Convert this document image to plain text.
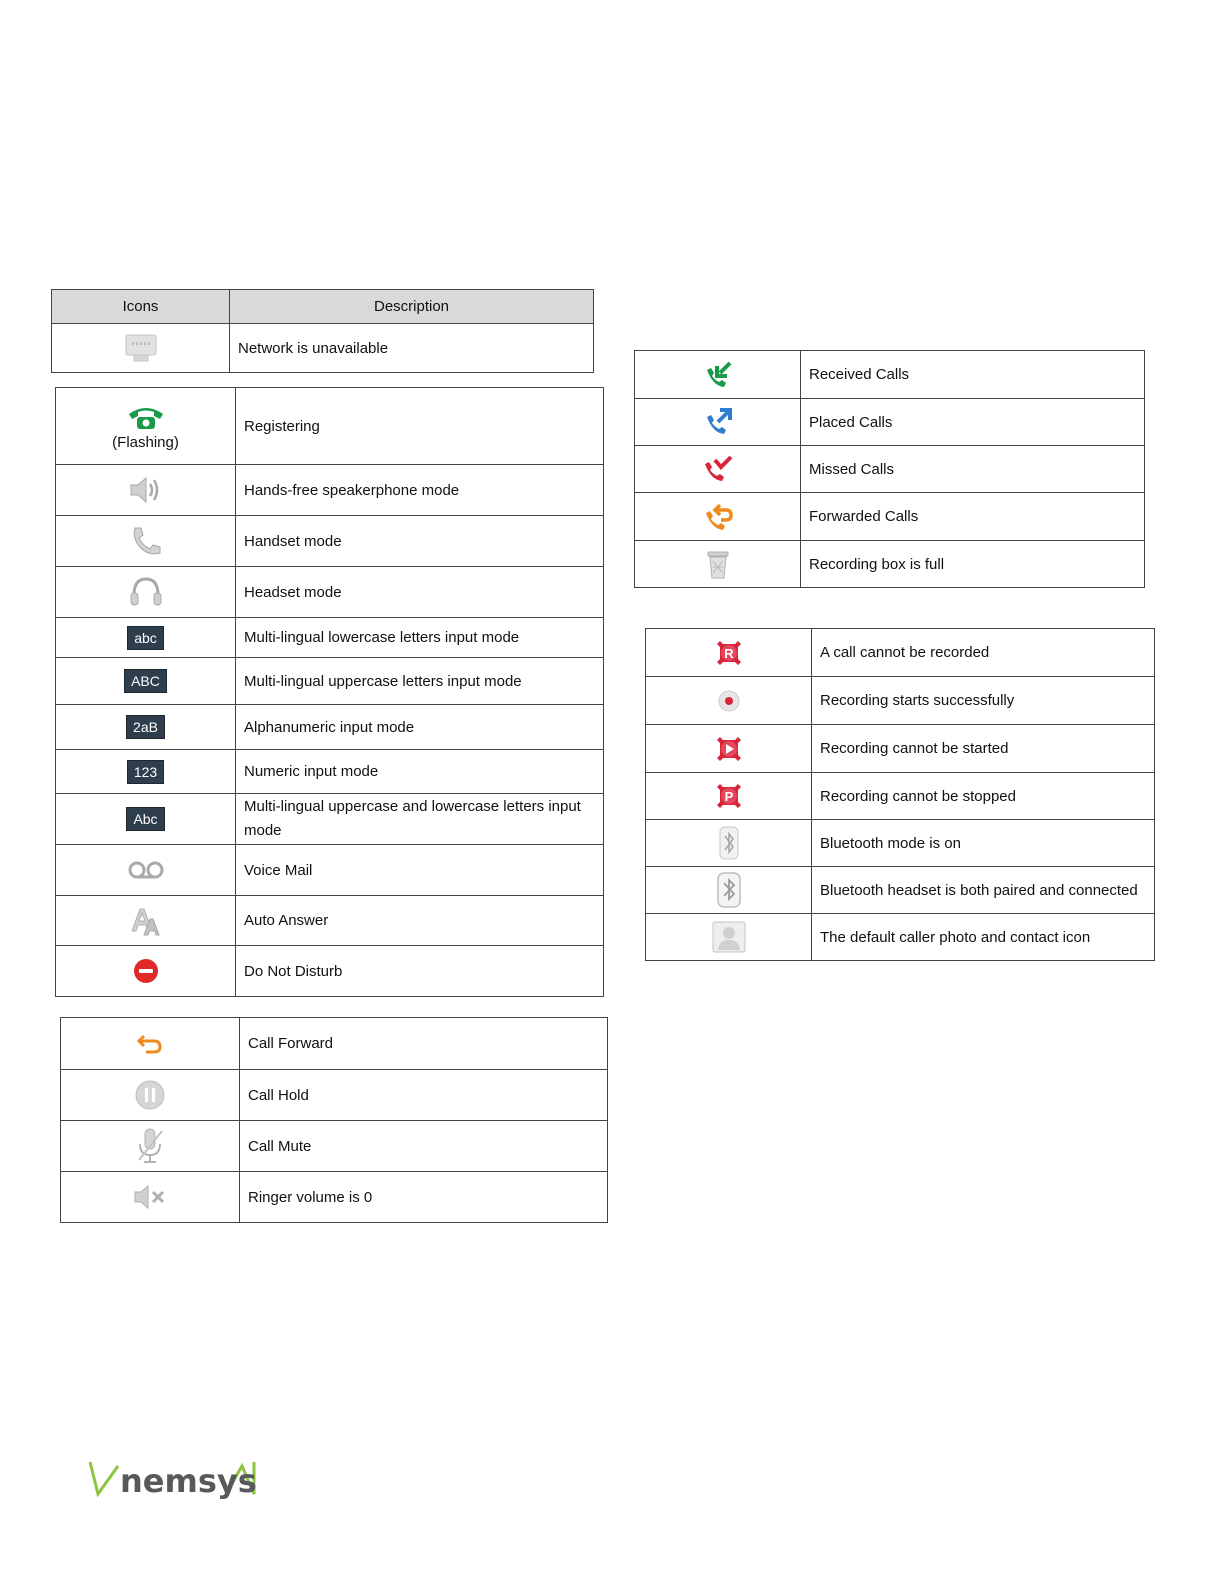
Icons	Description

	Network is unavailable
(Flashing)	Registering

	Hands-free speakerphone mode

	Handset mode

	Headset mode
abc	Multi-lingual lowercase letters input mode
ABC	Multi-lingual uppercase letters input mode
2aB	Alphanumeric input mode
123	Numeric input mode
Abc	Multi-lingual uppercase and lowercase letters input mode

	Voice Mail

	Auto Answer

	Do Not Disturb
	Call Forward

	Call Hold

	Call Mute

	Ringer volume is 0
	Received Calls

	Placed Calls

	Missed Calls

	Forwarded Calls

	Recording box is full
R	A call cannot be recorded

	Recording starts successfully

	Recording cannot be started

P	Recording cannot be stopped

	Bluetooth mode is on

	Bluetooth headset is both paired and connected

	The default caller photo and contact icon
nemsys
